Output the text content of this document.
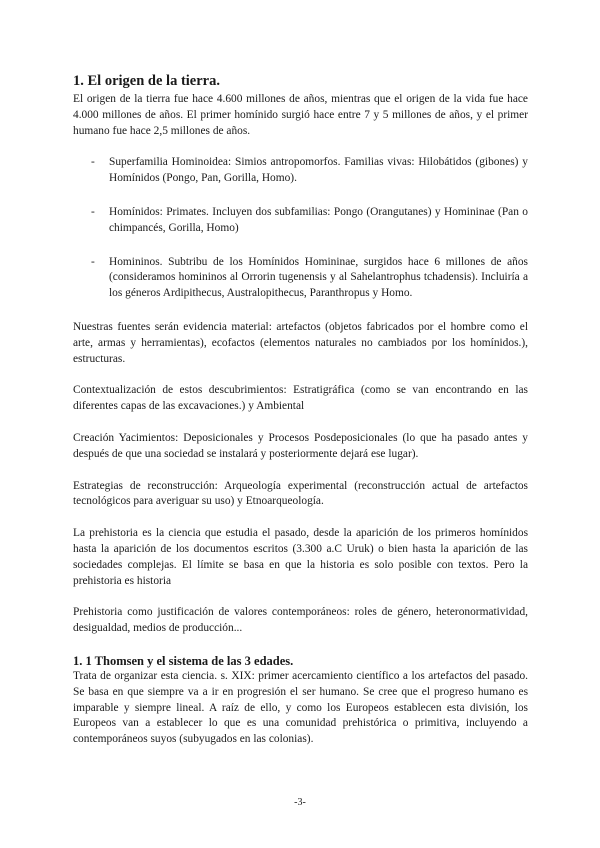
1. El origen de la tierra.

El origen de la tierra fue hace 4.600 millones de años, mientras que el origen de la vida fue hace 4.000 millones de años. El primer homínido surgió hace entre 7 y 5 millones de años, y el primer humano fue hace 2,5 millones de años.

- Superfamilia Hominoidea: Simios antropomorfos. Familias vivas: Hilobátidos (gibones) y Homínidos (Pongo, Pan, Gorilla, Homo).
- Homínidos: Primates. Incluyen dos subfamilias: Pongo (Orangutanes) y Homininae (Pan o chimpancés, Gorilla, Homo)
- Homininos. Subtribu de los Homínidos Homininae, surgidos hace 6 millones de años (consideramos homininos al Orrorin tugenensis y al Sahelantrophus tchadensis). Incluiría a los géneros Ardipithecus, Australopithecus, Paranthropus y Homo.

Nuestras fuentes serán evidencia material: artefactos (objetos fabricados por el hombre como el arte, armas y herramientas), ecofactos (elementos naturales no cambiados por los homínidos.), estructuras.

Contextualización de estos descubrimientos: Estratigráfica (como se van encontrando en las diferentes capas de las excavaciones.) y Ambiental

Creación Yacimientos: Deposicionales y Procesos Posdeposicionales (lo que ha pasado antes y después de que una sociedad se instalará y posteriormente dejará ese lugar).

Estrategias de reconstrucción: Arqueología experimental (reconstrucción actual de artefactos tecnológicos para averiguar su uso) y Etnoarqueología.

La prehistoria es la ciencia que estudia el pasado, desde la aparición de los primeros homínidos hasta la aparición de los documentos escritos (3.300 a.C Uruk) o bien hasta la aparición de las sociedades complejas. El límite se basa en que la historia es solo posible con textos. Pero la prehistoria es historia

Prehistoria como justificación de valores contemporáneos: roles de género, heteronormatividad, desigualdad, medios de producción...

1. 1 Thomsen y el sistema de las 3 edades.

Trata de organizar esta ciencia. s. XIX: primer acercamiento científico a los artefactos del pasado. Se basa en que siempre va a ir en progresión el ser humano. Se cree que el progreso humano es imparable y siempre lineal. A raíz de ello, y como los Europeos establecen esta división, los Europeos van a establecer lo que es una comunidad prehistórica o primitiva, incluyendo a contemporáneos suyos (subyugados en las colonias).

-3-
